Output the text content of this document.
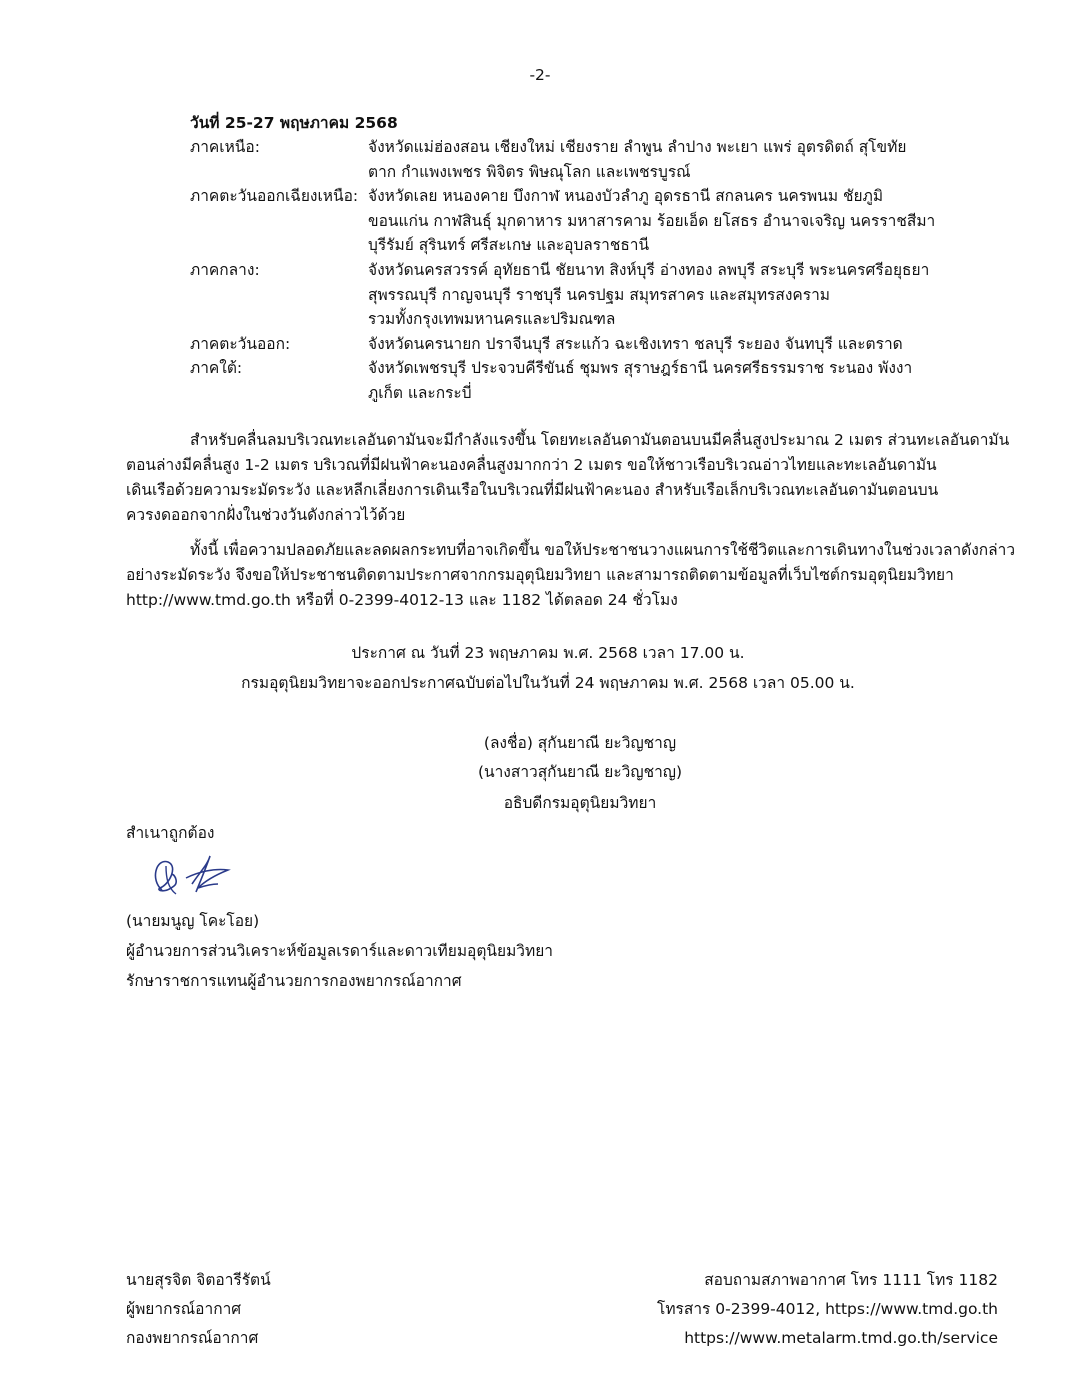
-2-
วันที่ 25-27 พฤษภาคม 2568
ภาคเหนือ:	จังหวัดแม่ฮ่องสอน เชียงใหม่ เชียงราย ลำพูน ลำปาง พะเยา แพร่ อุตรดิตถ์ สุโขทัย
ตาก กำแพงเพชร พิจิตร พิษณุโลก และเพชรบูรณ์
ภาคตะวันออกเฉียงเหนือ: จังหวัดเลย หนองคาย บึงกาฬ หนองบัวลำภู อุดรธานี สกลนคร นครพนม ชัยภูมิ
ขอนแก่น กาฬสินธุ์ มุกดาหาร มหาสารคาม ร้อยเอ็ด ยโสธร อำนาจเจริญ นครราชสีมา
บุรีรัมย์ สุรินทร์ ศรีสะเกษ และอุบลราชธานี
ภาคกลาง:	จังหวัดนครสวรรค์ อุทัยธานี ชัยนาท สิงห์บุรี อ่างทอง ลพบุรี สระบุรี พระนครศรีอยุธยา
สุพรรณบุรี กาญจนบุรี ราชบุรี นครปฐม สมุทรสาคร และสมุทรสงคราม
รวมทั้งกรุงเทพมหานครและปริมณฑล
ภาคตะวันออก:	จังหวัดนครนายก ปราจีนบุรี สระแก้ว ฉะเชิงเทรา ชลบุรี ระยอง จันทบุรี และตราด
ภาคใต้:	จังหวัดเพชรบุรี ประจวบคีรีขันธ์ ชุมพร สุราษฎร์ธานี นครศรีธรรมราช ระนอง พังงา
ภูเก็ต และกระบี่
สำหรับคลื่นลมบริเวณทะเลอันดามันจะมีกำลังแรงขึ้น โดยทะเลอันดามันตอนบนมีคลื่นสูงประมาณ 2 เมตร ส่วนทะเลอันดามัน
ตอนล่างมีคลื่นสูง 1-2 เมตร บริเวณที่มีฝนฟ้าคะนองคลื่นสูงมากกว่า 2 เมตร ขอให้ชาวเรือบริเวณอ่าวไทยและทะเลอันดามัน
เดินเรือด้วยความระมัดระวัง และหลีกเลี่ยงการเดินเรือในบริเวณที่มีฝนฟ้าคะนอง สำหรับเรือเล็กบริเวณทะเลอันดามันตอนบน
ควรงดออกจากฝั่งในช่วงวันดังกล่าวไว้ด้วย
ทั้งนี้ เพื่อความปลอดภัยและลดผลกระทบที่อาจเกิดขึ้น ขอให้ประชาชนวางแผนการใช้ชีวิตและการเดินทางในช่วงเวลาดังกล่าว
อย่างระมัดระวัง จึงขอให้ประชาชนติดตามประกาศจากกรมอุตุนิยมวิทยา และสามารถติดตามข้อมูลที่เว็บไซต์กรมอุตุนิยมวิทยา
http://www.tmd.go.th หรือที่ 0-2399-4012-13 และ 1182 ได้ตลอด 24 ชั่วโมง
ประกาศ ณ วันที่ 23 พฤษภาคม พ.ศ. 2568 เวลา 17.00 น.
กรมอุตุนิยมวิทยาจะออกประกาศฉบับต่อไปในวันที่ 24 พฤษภาคม พ.ศ. 2568 เวลา 05.00 น.
(ลงชื่อ) สุกันยาณี ยะวิญชาญ
(นางสาวสุกันยาณี ยะวิญชาญ)
อธิบดีกรมอุตุนิยมวิทยา
สำเนาถูกต้อง
(นายมนูญ โคะโอย)
ผู้อำนวยการส่วนวิเคราะห์ข้อมูลเรดาร์และดาวเทียมอุตุนิยมวิทยา
รักษาราชการแทนผู้อำนวยการกองพยากรณ์อากาศ
นายสุรจิต จิตอารีรัตน์
ผู้พยากรณ์อากาศ
กองพยากรณ์อากาศ
สอบถามสภาพอากาศ โทร 1111 โทร 1182
โทรสาร 0-2399-4012, https://www.tmd.go.th
https://www.metalarm.tmd.go.th/service
